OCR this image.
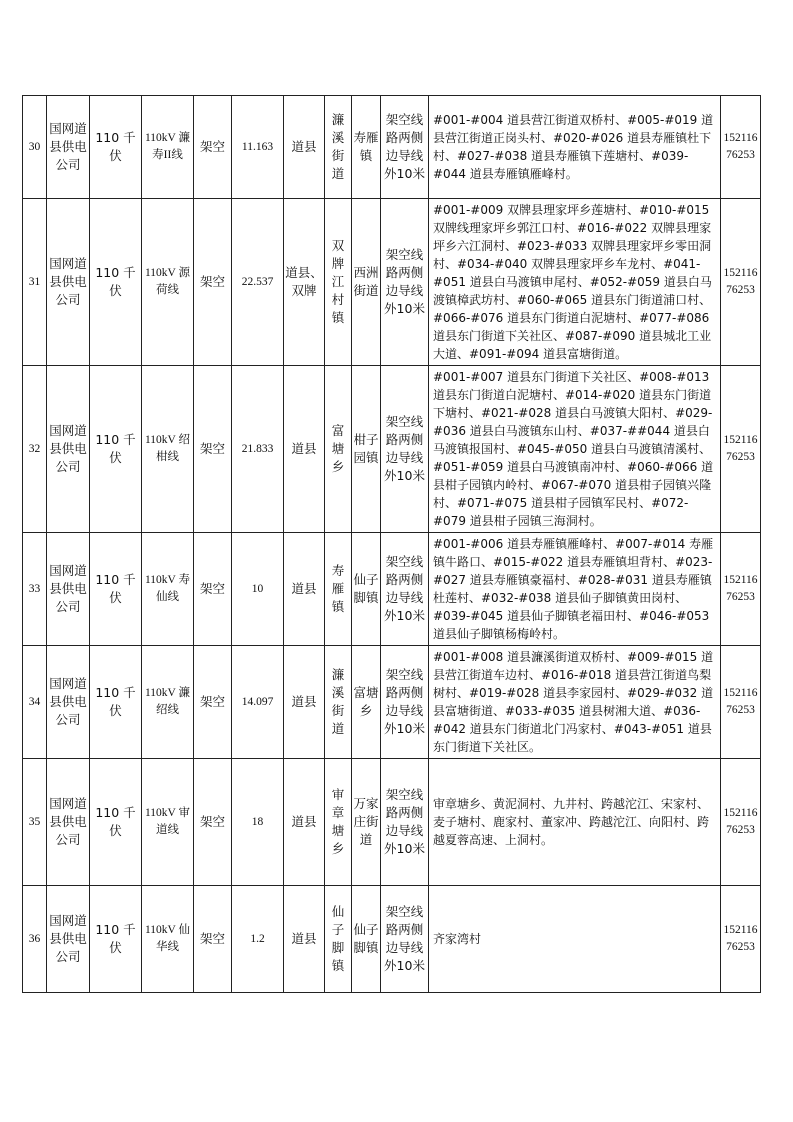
30	国网道县供电公司	110 千伏	110kV 濂寿II线	架空	11.163	道县	濂溪街道	寿雁镇	架空线路两侧边导线外10米	#001-#004 道县营江街道双桥村、#005-#019 道县营江街道正岗头村、#020-#026 道县寿雁镇杜下村、#027-#038 道县寿雁镇下莲塘村、#039-#044 道县寿雁镇雁峰村。	15211676253
31	国网道县供电公司	110 千伏	110kV 源荷线	架空	22.537	道县、双牌	双牌江村镇	西洲街道	架空线路两侧边导线外10米	#001-#009 双牌县理家坪乡莲塘村、#010-#015 双牌线理家坪乡郭江口村、#016-#022 双牌县理家坪乡六江洞村、#023-#033 双牌县理家坪乡零田洞村、#034-#040 双牌县理家坪乡车龙村、#041-#051 道县白马渡镇申尾村、#052-#059 道县白马渡镇樟武坊村、#060-#065 道县东门街道浦口村、#066-#076 道县东门街道白泥塘村、#077-#086 道县东门街道下关社区、#087-#090 道县城北工业大道、#091-#094 道县富塘街道。	15211676253
32	国网道县供电公司	110 千伏	110kV 绍柑线	架空	21.833	道县	富塘乡	柑子园镇	架空线路两侧边导线外10米	#001-#007 道县东门街道下关社区、#008-#013 道县东门街道白泥塘村、#014-#020 道县东门街道下塘村、#021-#028 道县白马渡镇大阳村、#029-#036 道县白马渡镇东山村、#037-##044 道县白马渡镇报国村、#045-#050 道县白马渡镇清溪村、#051-#059 道县白马渡镇南冲村、#060-#066 道县柑子园镇内岭村、#067-#070 道县柑子园镇兴隆村、#071-#075 道县柑子园镇军民村、#072-#079 道县柑子园镇三海洞村。	15211676253
33	国网道县供电公司	110 千伏	110kV 寿仙线	架空	10	道县	寿雁镇	仙子脚镇	架空线路两侧边导线外10米	#001-#006 道县寿雁镇雁峰村、#007-#014 寿雁镇牛路口、#015-#022 道县寿雁镇坦背村、#023-#027 道县寿雁镇豪福村、#028-#031 道县寿雁镇杜莲村、#032-#038 道县仙子脚镇黄田岗村、#039-#045 道县仙子脚镇老福田村、#046-#053 道县仙子脚镇杨梅岭村。	15211676253
34	国网道县供电公司	110 千伏	110kV 濂绍线	架空	14.097	道县	濂溪街道	富塘乡	架空线路两侧边导线外10米	#001-#008 道县濂溪街道双桥村、#009-#015 道县营江街道车边村、#016-#018 道县营江街道鸟梨树村、#019-#028 道县李家园村、#029-#032 道县富塘街道、#033-#035 道县树湘大道、#036-#042 道县东门街道北门冯家村、#043-#051 道县东门街道下关社区。	15211676253
35	国网道县供电公司	110 千伏	110kV 审道线	架空	18	道县	审章塘乡	万家庄街道	架空线路两侧边导线外10米	审章塘乡、黄泥洞村、九井村、跨越沱江、宋家村、麦子塘村、鹿家村、董家冲、跨越沱江、向阳村、跨越夏蓉高速、上洞村。	15211676253
36	国网道县供电公司	110 千伏	110kV 仙华线	架空	1.2	道县	仙子脚镇	仙子脚镇	架空线路两侧边导线外10米	齐家湾村	15211676253
